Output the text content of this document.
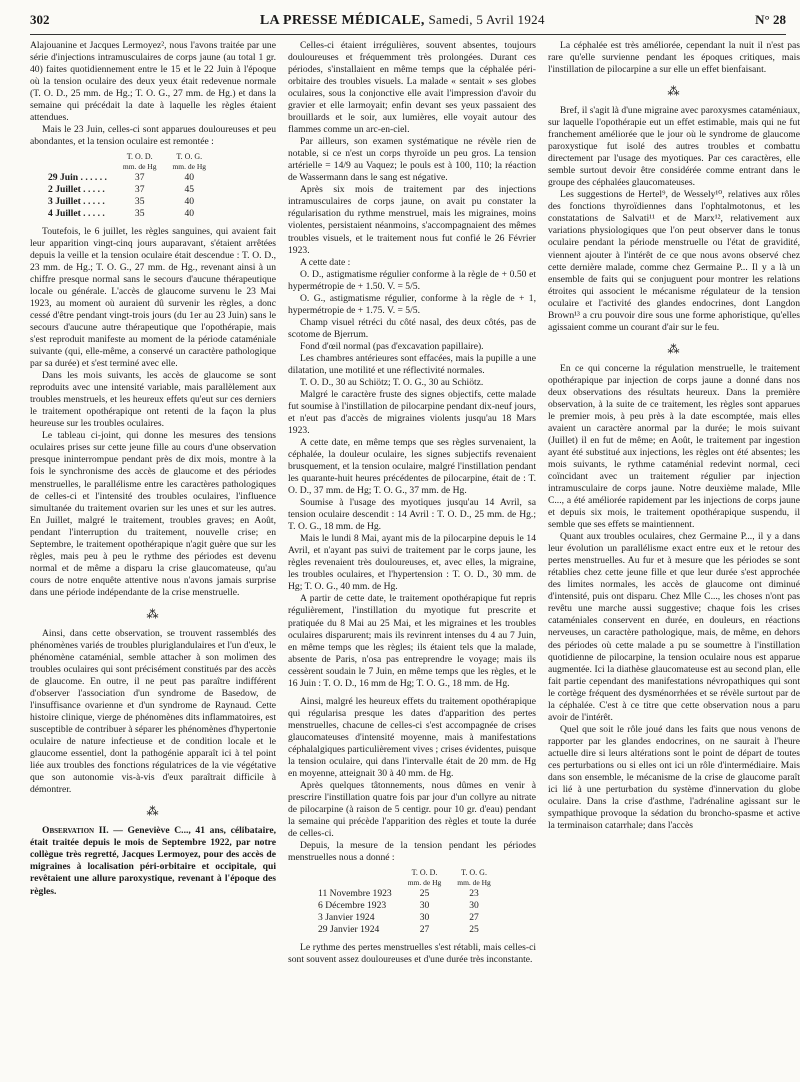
302	LA PRESSE MÉDICALE, Samedi, 5 Avril 1924	N° 28

Alajouanine et Jacques Lermoyez², nous l'avons traitée par une série d'injections intramusculaires de corps jaune (au total 1 gr. 40) faites quotidiennement entre le 15 et le 22 Juin à l'époque où la tension oculaire des deux yeux était redevenue normale (T. O. D., 25 mm. de Hg.; T. O. G., 27 mm. de Hg.) et dans la semaine qui précédait la date à laquelle les règles étaient attendues.

Mais le 23 Juin, celles-ci sont apparues douloureuses et peu abondantes, et la tension oculaire est remontée :

	T. O. D.	T. O. G.
	mm. de Hg	mm. de Hg
29 Juin . . . . . .	37	40
2 Juillet . . . . .	37	45
3 Juillet . . . . .	35	40
4 Juillet . . . . .	35	40

Toutefois, le 6 juillet, les règles sanguines, qui avaient fait leur apparition vingt-cinq jours auparavant, s'étaient arrêtées depuis la veille et la tension oculaire était descendue : T. O. D., 23 mm. de Hg.; T. O. G., 27 mm. de Hg., revenant ainsi à un chiffre presque normal sans le secours d'aucune thérapeutique locale ou générale. L'accès de glaucome survenu le 23 Mai 1923, au moment où auraient dû survenir les règles, a donc cessé d'être pendant vingt-trois jours (du 1er au 23 Juin) sans le secours d'aucune autre thérapeutique que l'opothérapie, mais s'est reproduit manifeste au moment de la période cataméniale suivante (qui, elle-même, a conservé un caractère pathologique par sa durée) et s'est terminé avec elle.

Dans les mois suivants, les accès de glaucome se sont reproduits avec une intensité variable, mais parallèlement aux troubles menstruels, et les heureux effets qu'eut sur ces derniers le traitement opothérapique ont retenti de la façon la plus heureuse sur les troubles oculaires.

Le tableau ci-joint, qui donne les mesures des tensions oculaires prises sur cette jeune fille au cours d'une observation presque ininterrompue pendant près de dix mois, montre à la fois le synchronisme des accès de glaucome et des périodes menstruelles, le parallélisme entre les caractères pathologiques de celles-ci et l'intensité des troubles oculaires, l'influence simultanée du traitement ovarien sur les unes et sur les autres. En Juillet, malgré le traitement, troubles graves; en Août, pendant l'interruption du traitement, nouvelle crise; en Septembre, le traitement opothérapique n'agit guère que sur les règles, mais peu à peu le rythme des périodes est devenu normal et de même a disparu la crise glaucomateuse, qu'au cours de notre enquête attentive nous n'avons jamais surprise dans une période indépendante de la crise menstruelle.

⁂

Ainsi, dans cette observation, se trouvent rassemblés des phénomènes variés de troubles pluriglandulaires et l'un d'eux, le phénomène cataménial, semble attacher à son molimen des troubles oculaires qui sont précisément constitués par des accès de glaucome. En outre, il ne peut pas paraître indifférent d'observer l'association d'un syndrome de Basedow, de l'insuffisance ovarienne et d'un syndrome de Raynaud. Cette histoire clinique, vierge de phénomènes dits inflammatoires, est susceptible de contribuer à séparer les phénomènes d'hypertonie oculaire de nature infectieuse et de condition locale et le glaucome essentiel, dont la pathogénie apparaît ici à tel point liée aux troubles des fonctions régulatrices de la vie végétative que son autonomie vis-à-vis d'eux paraîtrait difficile à démontrer.

⁂

Observation II. — Geneviève C..., 41 ans, célibataire, était traitée depuis le mois de Septembre 1922, par notre collègue très regretté, Jacques Lermoyez, pour des accès de migraines à localisation péri-orbitaire et occipitale, qui revêtaient une allure paroxystique, revenant à l'époque des règles.

Celles-ci étaient irrégulières, souvent absentes, toujours douloureuses et fréquemment très prolongées. Durant ces périodes, s'installaient en même temps que la céphalée péri-orbitaire des troubles visuels. La malade « sentait » ses globes oculaires, sous la conjonctive elle avait l'impression d'avoir du gravier et elle larmoyait; enfin devant ses yeux passaient des brouillards et le soir, aux lumières, elle voyait autour des flammes comme un arc-en-ciel.

Par ailleurs, son examen systématique ne révèle rien de notable, si ce n'est un corps thyroïde un peu gros. La tension artérielle = 14/9 au Vaquez; le pouls est à 100, 110; la réaction de Wassermann dans le sang est négative.

Après six mois de traitement par des injections intramusculaires de corps jaune, on avait pu constater la régularisation du rythme menstruel, mais les migraines, moins violentes, persistaient néanmoins, s'accompagnaient des mêmes troubles visuels, et le traitement nous fut confié le 26 Février 1923.

A cette date :

O. D., astigmatisme régulier conforme à la règle de + 0.50 et hypermétropie de + 1.50. V. = 5/5.

O. G., astigmatisme régulier, conforme à la règle de + 1, hypermétropie de + 1.75. V. = 5/5.

Champ visuel rétréci du côté nasal, des deux côtés, pas de scotome de Bjerrum.

Fond d'œil normal (pas d'excavation papillaire).

Les chambres antérieures sont effacées, mais la pupille a une dilatation, une motilité et une réflectivité normales.

T. O. D., 30 au Schiötz; T. O. G., 30 au Schiötz.

Malgré le caractère fruste des signes objectifs, cette malade fut soumise à l'instillation de pilocarpine pendant dix-neuf jours, et n'eut pas d'accès de migraines violents jusqu'au 18 Mars 1923.

A cette date, en même temps que ses règles survenaient, la céphalée, la douleur oculaire, les signes subjectifs revenaient brusquement, et la tension oculaire, malgré l'instillation pendant les quarante-huit heures précédentes de pilocarpine, était de : T. O. D., 37 mm. de Hg; T. O. G., 37 mm. de Hg.

Soumise à l'usage des myotiques jusqu'au 14 Avril, sa tension oculaire descendit : 14 Avril : T. O. D., 25 mm. de Hg.; T. O. G., 18 mm. de Hg.

Mais le lundi 8 Mai, ayant mis de la pilocarpine depuis le 14 Avril, et n'ayant pas suivi de traitement par le corps jaune, les règles revenaient très douloureuses, et, avec elles, la migraine, les troubles oculaires, et l'hypertension : T. O. D., 30 mm. de Hg; T. O. G., 40 mm. de Hg.

A partir de cette date, le traitement opothérapique fut repris régulièrement, l'instillation du myotique fut prescrite et pratiquée du 8 Mai au 25 Mai, et les migraines et les troubles oculaires disparurent; mais ils revinrent intenses du 4 au 7 Juin, en même temps que les règles; ils étaient tels que la malade, absente de Paris, n'osa pas entreprendre le voyage; mais ils cessèrent soudain le 7 Juin, en même temps que les règles, et le 16 Juin : T. O. D., 16 mm de Hg; T. O. G., 18 mm. de Hg.

Ainsi, malgré les heureux effets du traitement opothérapique qui régularisa presque les dates d'apparition des pertes menstruelles, chacune de celles-ci s'est accompagnée de crises glaucomateuses d'intensité moyenne, mais à manifestations céphalalgiques particulièrement vives ; crises évidentes, puisque la tension oculaire, qui dans l'intervalle était de 20 mm. de Hg en moyenne, atteignait 30 à 40 mm. de Hg.

Après quelques tâtonnements, nous dûmes en venir à prescrire l'instillation quatre fois par jour d'un collyre au nitrate de pilocarpine (à raison de 5 centigr. pour 10 gr. d'eau) pendant la semaine qui précède l'apparition des règles et toute la durée de celles-ci.

Depuis, la mesure de la tension pendant les périodes menstruelles nous a donné :

	T. O. D.	T. O. G.
	mm. de Hg	mm. de Hg
11 Novembre 1923	25	23
6 Décembre 1923	30	30
3 Janvier 1924	30	27
29 Janvier 1924	27	25

Le rythme des pertes menstruelles s'est rétabli, mais celles-ci sont souvent assez douloureuses et d'une durée très inconstante.

La céphalée est très améliorée, cependant la nuit il n'est pas rare qu'elle survienne pendant les époques critiques, mais l'instillation de pilocarpine a sur elle un effet bienfaisant.

⁂

Bref, il s'agit là d'une migraine avec paroxysmes cataméniaux, sur laquelle l'opothérapie eut un effet estimable, mais qui ne fut franchement améliorée que le jour où le syndrome de glaucome paroxystique fut isolé des autres troubles et combattu directement par l'usage des myotiques. Par ces caractères, elle semble surtout devoir être considérée comme entrant dans le groupe des céphalées glaucomateuses.

Les suggestions de Hertel⁹, de Wessely¹⁰, relatives aux rôles des fonctions thyroïdiennes dans l'ophtalmotonus, et les constatations de Salvati¹¹ et de Marx¹², relativement aux variations physiologiques que l'on peut observer dans le tonus oculaire pendant la période menstruelle ou l'état de gravidité, viennent ajouter à l'intérêt de ce que nous avons observé chez cette dernière malade, comme chez Germaine P... Il y a là un ensemble de faits qui se conjuguent pour montrer les relations étroites qui associent le mécanisme régulateur de la tension oculaire et l'activité des glandes endocrines, dont Langdon Brown¹³ a cru pouvoir dire sous une forme aphoristique, qu'elles agissaient comme un courant d'air sur le feu.

⁂

En ce qui concerne la régulation menstruelle, le traitement opothérapique par injection de corps jaune a donné dans nos deux observations des résultats heureux. Dans la première observation, à la suite de ce traitement, les règles sont apparues le premier mois, à peu près à la date escomptée, mais elles avaient un caractère anormal par la durée; le mois suivant (Juillet) il en fut de même; en Août, le traitement par ingestion ayant été substitué aux injections, les règles ont été absentes; les mois suivants, le rythme cataménial redevint normal, ceci coïncidant avec un traitement régulier par injection intramusculaire de corps jaune. Notre deuxième malade, Mlle C..., a été améliorée rapidement par les injections de corps jaune et depuis six mois, le traitement opothérapique suspendu, il semble que ses effets se maintiennent.

Quant aux troubles oculaires, chez Germaine P..., il y a dans leur évolution un parallélisme exact entre eux et le retour des pertes menstruelles. Au fur et à mesure que les périodes se sont rétablies chez cette jeune fille et que leur durée s'est approchée des limites normales, les accès de glaucome ont diminué d'intensité, puis ont disparu. Chez Mlle C..., les choses n'ont pas revêtu une marche aussi suggestive; chaque fois les crises cataméniales conservent en durée, en douleurs, en réactions nerveuses, un caractère pathologique, mais, de même, en dehors des périodes où cette malade a pu se soumettre à l'instillation quotidienne de pilocarpine, la tension oculaire nous est apparue augmentée. Ici la diathèse glaucomateuse est au second plan, elle fait partie cependant des manifestations névropathiques qui sont le cortège fréquent des dysménorrhées et se révèle surtout par de la céphalée. C'est à ce titre que cette observation nous a paru avoir de l'intérêt.

Quel que soit le rôle joué dans les faits que nous venons de rapporter par les glandes endocrines, on ne saurait à l'heure actuelle dire si leurs altérations sont le point de départ de toutes ces perturbations ou si elles ont ici un rôle d'intermédiaire. Mais dans son ensemble, le mécanisme de la crise de glaucome paraît ici lié à une perturbation du système d'innervation du globe oculaire. Dans la crise d'asthme, l'adrénaline agissant sur le sympathique provoque la sédation du broncho-spasme et active la terminaison catarrhale; dans l'accès
